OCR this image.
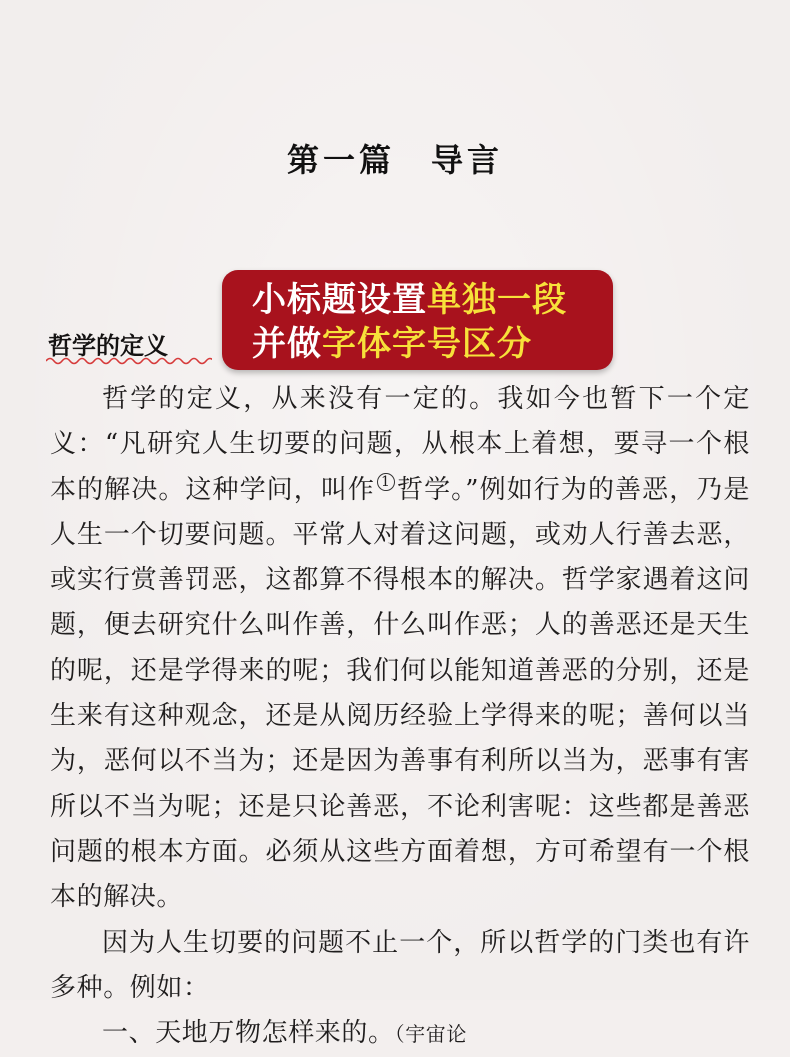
第一篇　导言
哲学的定义
小标题设置单独一段
并做字体字号区分

哲学的定义，从来没有一定的。我如今也暂下一个定义：“凡研究人生切要的问题，从根本上着想，要寻一个根本的解决。这种学问，叫作 $^1$ 哲学。”例如行为的善恶，乃是人生一个切要问题。平常人对着这问题，或劝人行善去恶，或实行赏善罚恶，这都算不得根本的解决。哲学家遇着这问题，便去研究什么叫作善，什么叫作恶；人的善恶还是天生的呢，还是学得来的呢；我们何以能知道善恶的分别，还是生来有这种观念，还是从阅历经验上学得来的呢；善何以当为，恶何以不当为；还是因为善事有利所以当为，恶事有害所以不当为呢；还是只论善恶，不论利害呢：这些都是善恶问题的根本方面。必须从这些方面着想，方可希望有一个根本的解决。

因为人生切要的问题不止一个，所以哲学的门类也有许多种。例如：

一、天地万物怎样来的。（宇宙论
